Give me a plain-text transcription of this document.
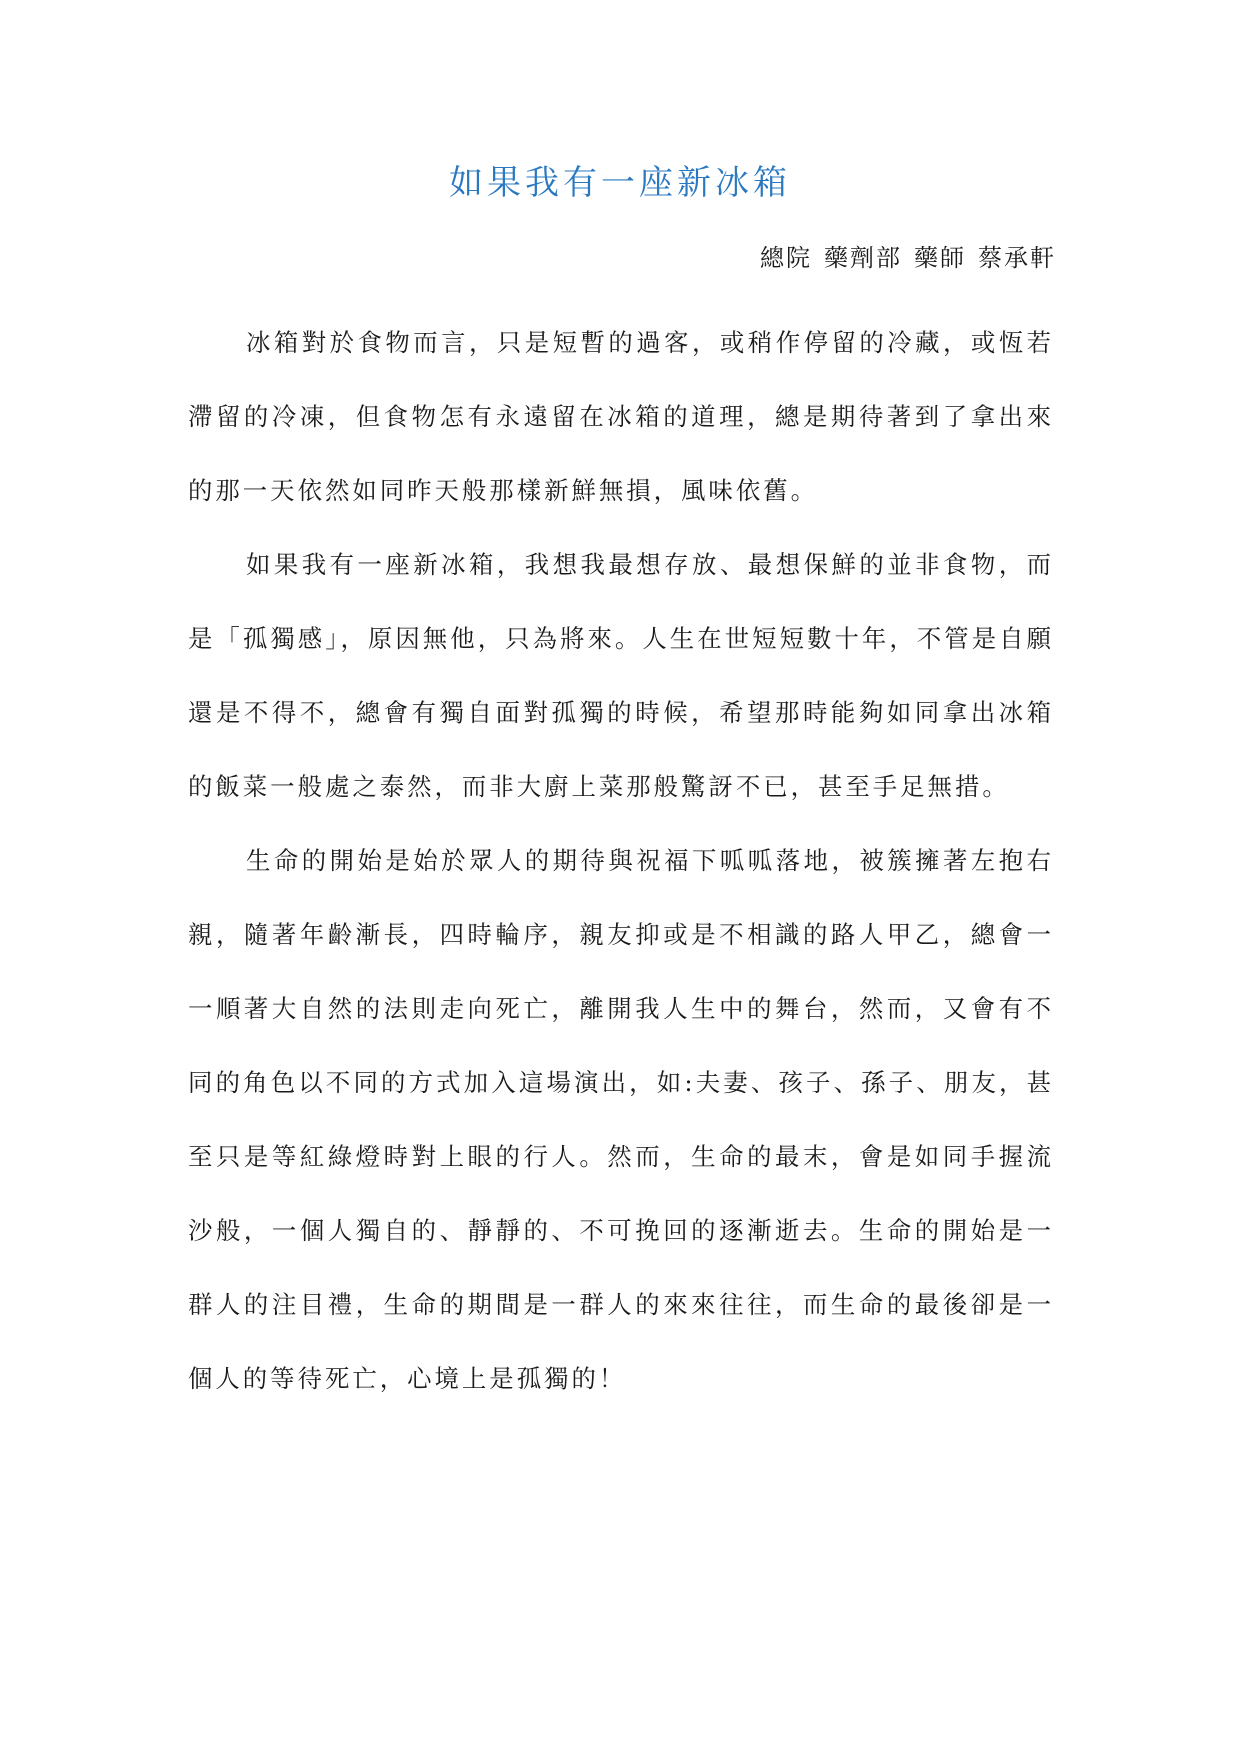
如果我有一座新冰箱

總院 藥劑部 藥師 蔡承軒

冰箱對於食物而言，只是短暫的過客，或稍作停留的冷藏，或恆若滯留的冷凍，但食物怎有永遠留在冰箱的道理，總是期待著到了拿出來的那一天依然如同昨天般那樣新鮮無損，風味依舊。

如果我有一座新冰箱，我想我最想存放、最想保鮮的並非食物，而是「孤獨感」，原因無他，只為將來。人生在世短短數十年，不管是自願還是不得不，總會有獨自面對孤獨的時候，希望那時能夠如同拿出冰箱的飯菜一般處之泰然，而非大廚上菜那般驚訝不已，甚至手足無措。

生命的開始是始於眾人的期待與祝福下呱呱落地，被簇擁著左抱右親，隨著年齡漸長，四時輪序，親友抑或是不相識的路人甲乙，總會一一順著大自然的法則走向死亡，離開我人生中的舞台，然而，又會有不同的角色以不同的方式加入這場演出，如:夫妻、孩子、孫子、朋友，甚至只是等紅綠燈時對上眼的行人。然而，生命的最末，會是如同手握流沙般，一個人獨自的、靜靜的、不可挽回的逐漸逝去。生命的開始是一群人的注目禮，生命的期間是一群人的來來往往，而生命的最後卻是一個人的等待死亡，心境上是孤獨的！
